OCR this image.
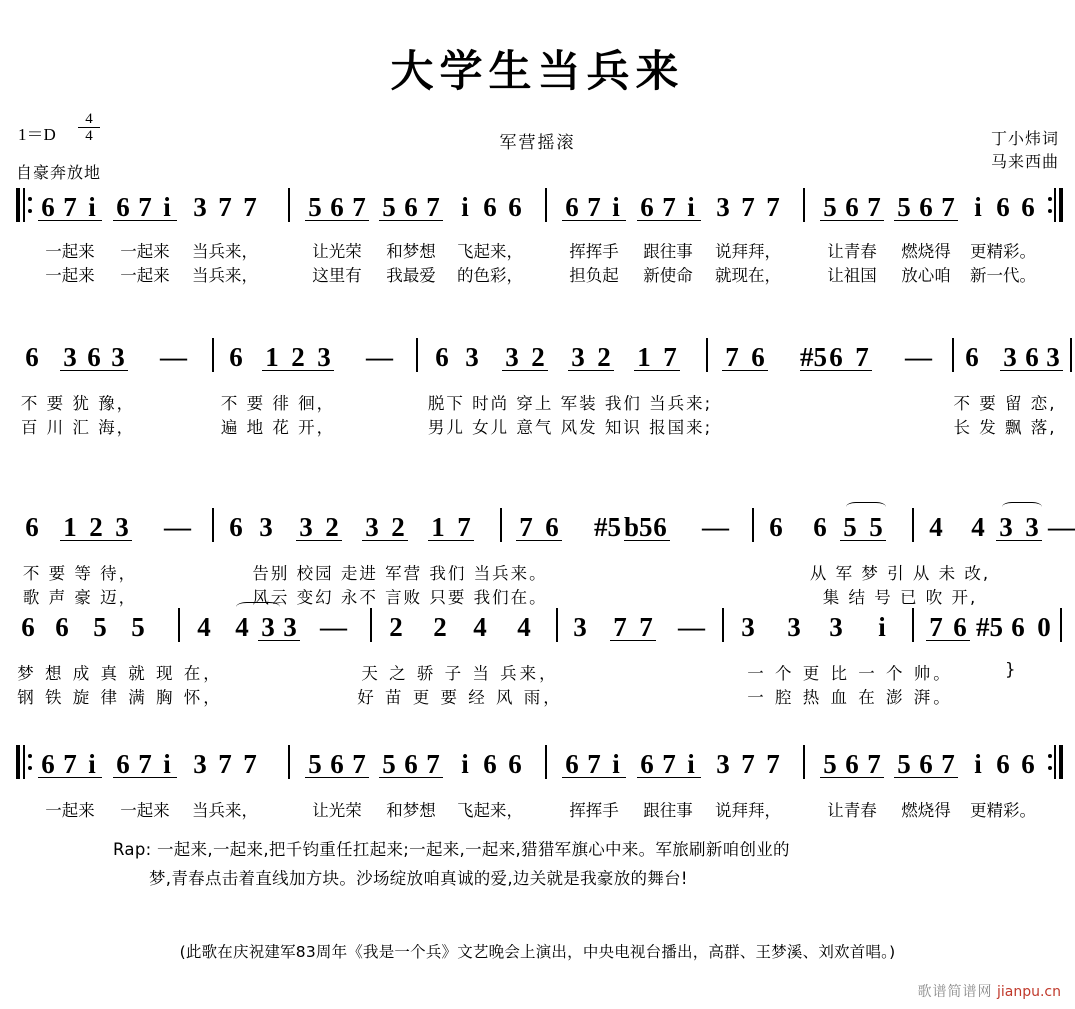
大学生当兵来
$1=D \frac{4}{4}$
自豪奔放地
军营摇滚	丁小炜词
马来西曲
6 7 i 6 7 i 3 7 7 5 6 7 5 6 7 i 6 6 6 7 i 6 7 i 3 7 7 5 6 7 5 6 7 i 6 6
一起来 一起来 当兵来，	让光荣 和梦想 飞起来，	挥挥手 跟往事 说拜拜，	让青春 燃烧得 更精彩。
一起来 一起来 当兵来，	这里有 我最爱 的色彩，	担负起 新使命 就现在，	让祖国 放心咱 新一代。
6 3 6 3 — 6 1 2 3 — 6 3 3 2 3 2 1 7 7 6 #5 6 7 — 6 3 6 3
不 要 犹 豫，	不 要 徘 徊，	脱下 时尚 穿上 军装 我们 当兵来;	不 要 留 恋,
百 川 汇 海，	遍 地 花 开，	男儿 女儿 意气 风发 知识 报国来;	长 发 飘 落,
6 1 2 3 — 6 3 3 2 3 2 1 7 7 6 #5 b5 6 — 6 6 5 5 4 4 3 3 —
不 要 等 待，	告别 校园 走进 军营 我们 当兵来。	从 军 梦 引 从 未 改,
歌 声 豪 迈，	风云 变幻 永不 言败 只要 我们在。	集 结 号 已 吹 开,
6 6 5 5 4 4 3 3 — 2 2 4 4 3 7 7 — 3 3 3 i 7 6 #5 6 0
梦 想 成 真 就 现 在，	天 之 骄 子 当 兵来，	一 个 更 比 一 个 帅。
钢 铁 旋 律 满 胸 怀，	好 苗 更 要 经 风 雨，	一 腔 热 血 在 澎 湃。
}
6 7 i 6 7 i 3 7 7 5 6 7 5 6 7 i 6 6 6 7 i 6 7 i 3 7 7 5 6 7 5 6 7 i 6 6
一起来 一起来 当兵来，	让光荣 和梦想 飞起来，	挥挥手 跟往事 说拜拜，	让青春 燃烧得 更精彩。
Rap: 一起来,一起来,把千钧重任扛起来;一起来,一起来,猎猎军旗心中来。军旅刷新咱创业的
梦,青春点击着直线加方块。沙场绽放咱真诚的爱,边关就是我豪放的舞台!
(此歌在庆祝建军83周年《我是一个兵》文艺晚会上演出，中央电视台播出，高群、王梦溪、刘欢首唱。)
歌谱简谱网 jianpu.cn
